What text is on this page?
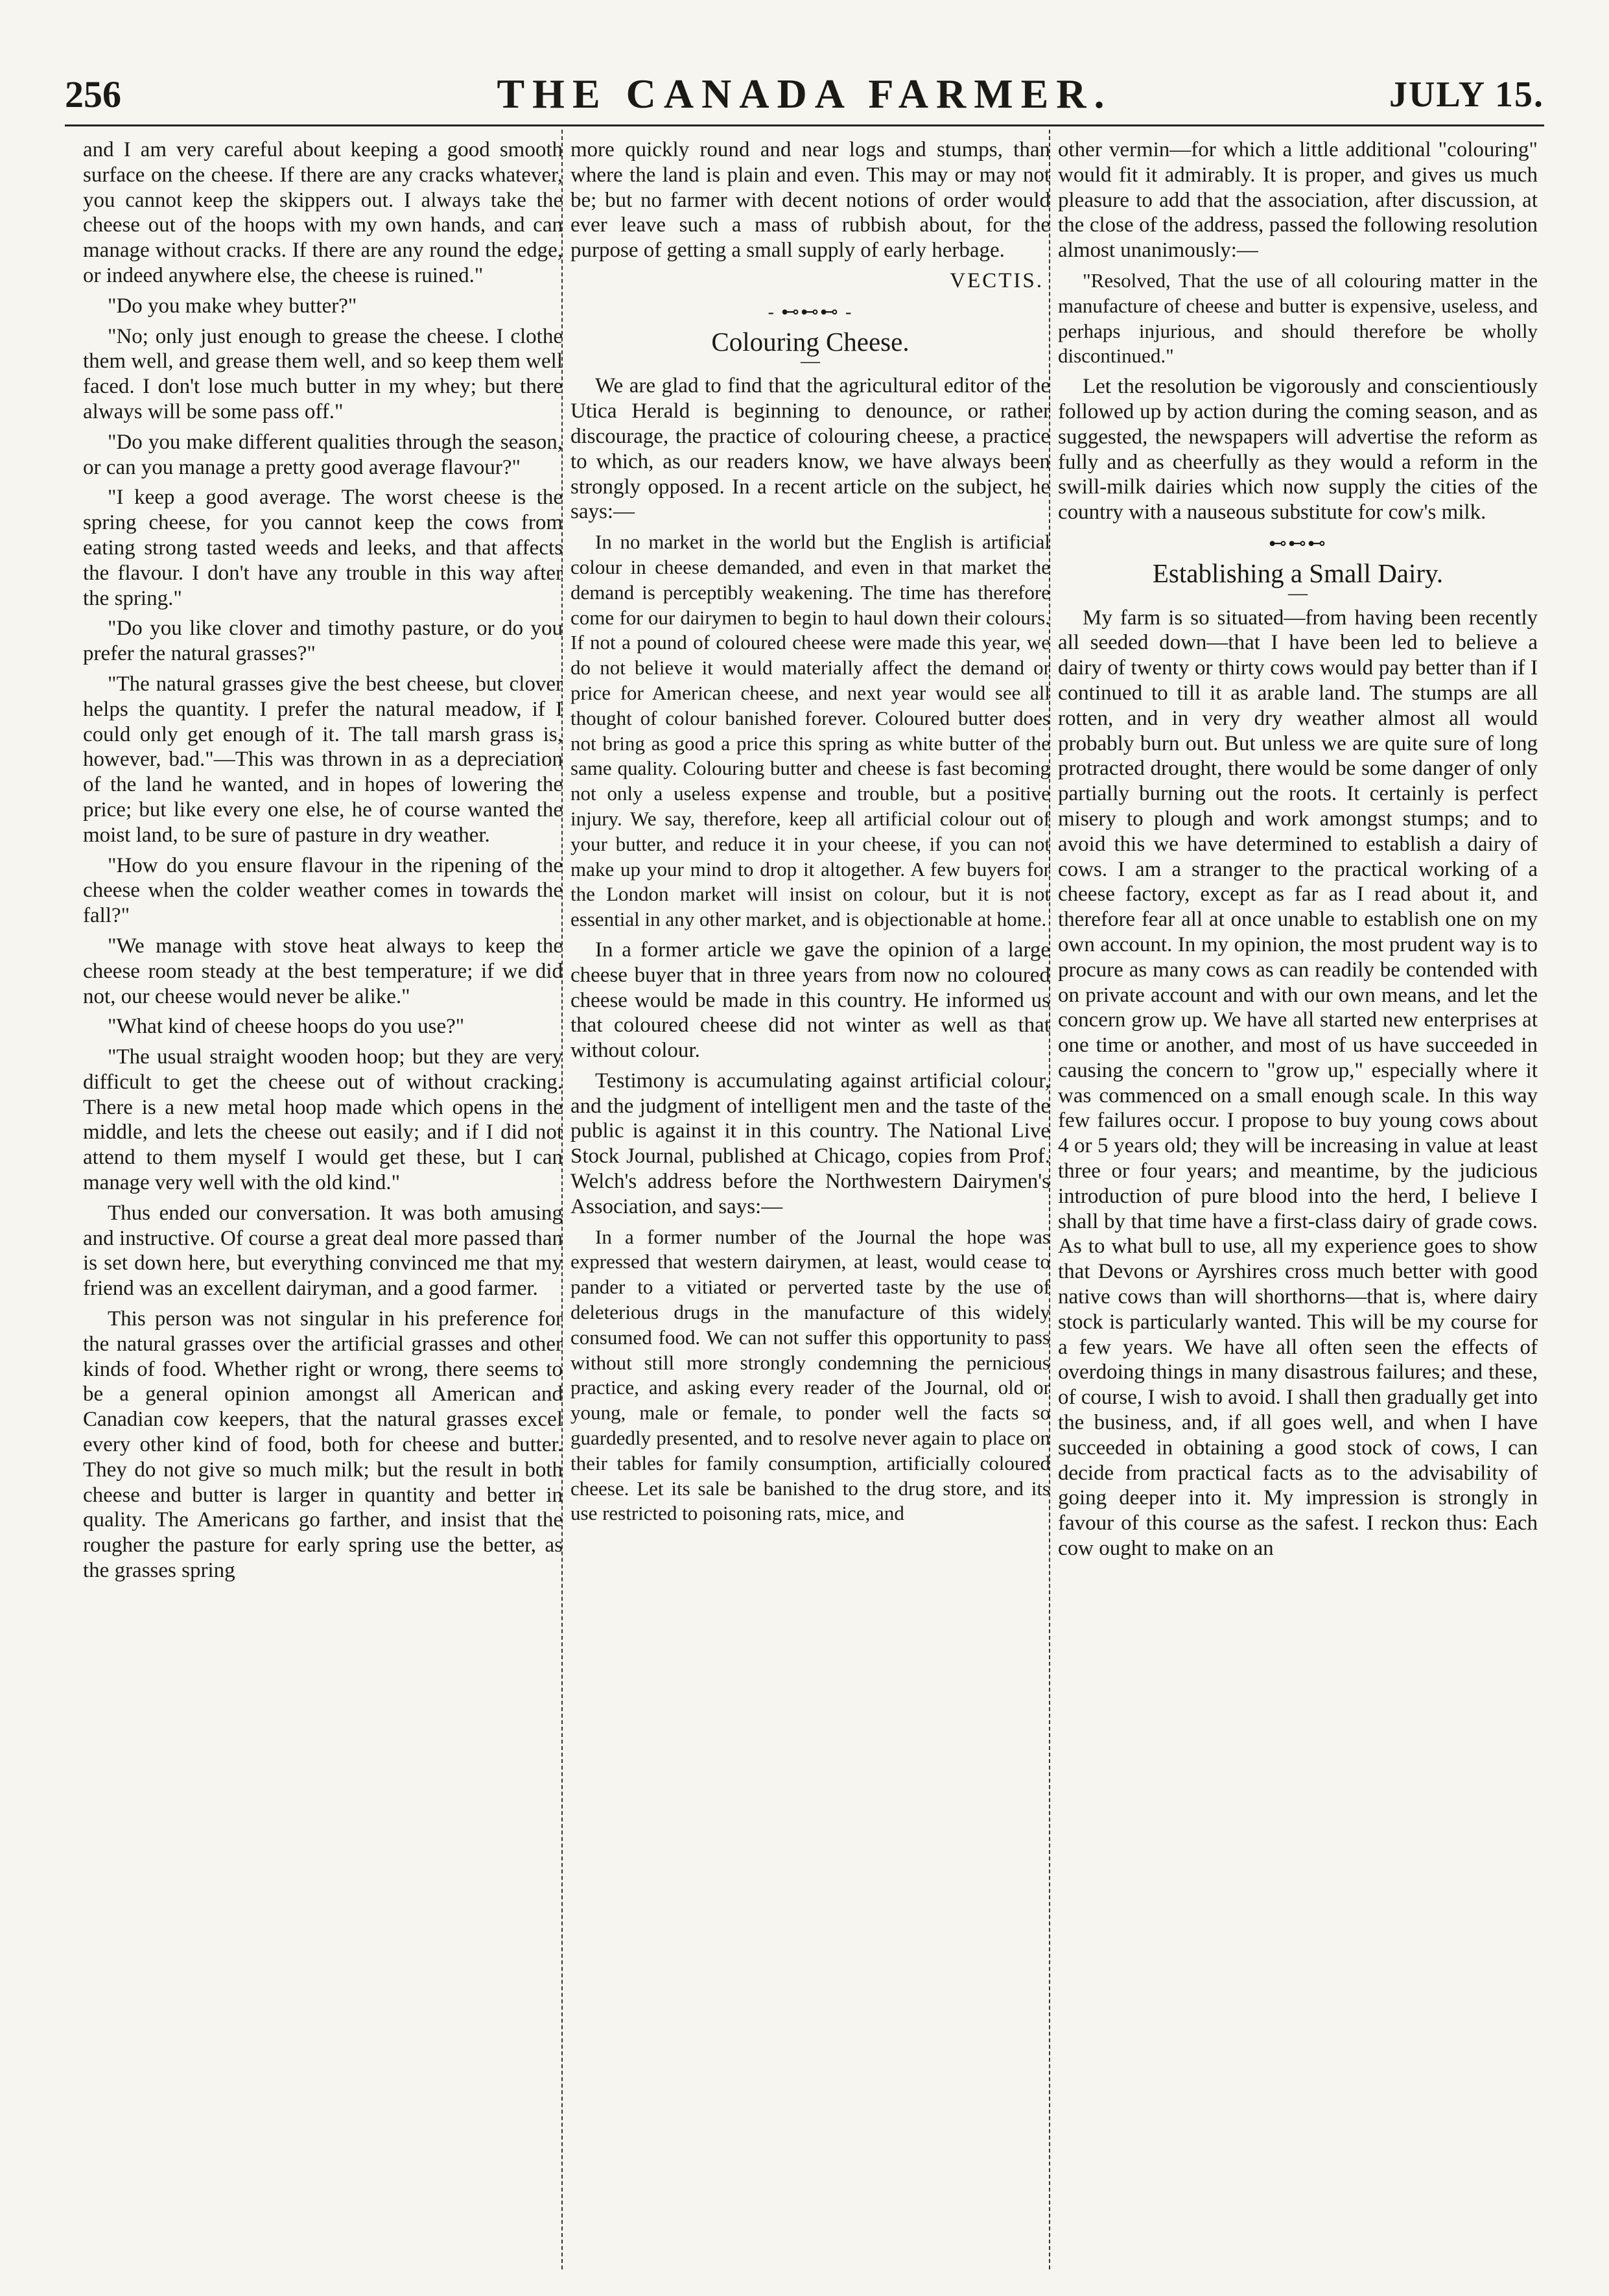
256	THE CANADA FARMER.	JULY 15.

and I am very careful about keeping a good smooth surface on the cheese. If there are any cracks whatever, you cannot keep the skippers out. I always take the cheese out of the hoops with my own hands, and can manage without cracks. If there are any round the edge, or indeed anywhere else, the cheese is ruined."

"Do you make whey butter?"

"No; only just enough to grease the cheese. I clothe them well, and grease them well, and so keep them well faced. I don't lose much butter in my whey; but there always will be some pass off."

"Do you make different qualities through the season, or can you manage a pretty good average flavour?"

"I keep a good average. The worst cheese is the spring cheese, for you cannot keep the cows from eating strong tasted weeds and leeks, and that affects the flavour. I don't have any trouble in this way after the spring."

"Do you like clover and timothy pasture, or do you prefer the natural grasses?"

"The natural grasses give the best cheese, but clover helps the quantity. I prefer the natural meadow, if I could only get enough of it. The tall marsh grass is, however, bad."—This was thrown in as a depreciation of the land he wanted, and in hopes of lowering the price; but like every one else, he of course wanted the moist land, to be sure of pasture in dry weather.

"How do you ensure flavour in the ripening of the cheese when the colder weather comes in towards the fall?"

"We manage with stove heat always to keep the cheese room steady at the best temperature; if we did not, our cheese would never be alike."

"What kind of cheese hoops do you use?"

"The usual straight wooden hoop; but they are very difficult to get the cheese out of without cracking. There is a new metal hoop made which opens in the middle, and lets the cheese out easily; and if I did not attend to them myself I would get these, but I can manage very well with the old kind."

Thus ended our conversation. It was both amusing and instructive. Of course a great deal more passed than is set down here, but everything convinced me that my friend was an excellent dairyman, and a good farmer.

This person was not singular in his preference for the natural grasses over the artificial grasses and other kinds of food. Whether right or wrong, there seems to be a general opinion amongst all American and Canadian cow keepers, that the natural grasses excel every other kind of food, both for cheese and butter. They do not give so much milk; but the result in both cheese and butter is larger in quantity and better in quality. The Americans go farther, and insist that the rougher the pasture for early spring use the better, as the grasses spring

more quickly round and near logs and stumps, than where the land is plain and even. This may or may not be; but no farmer with decent notions of order would ever leave such a mass of rubbish about, for the purpose of getting a small supply of early herbage.

VECTIS.
- ⊷⊷⊷ -
Colouring Cheese.
—

We are glad to find that the agricultural editor of the Utica Herald is beginning to denounce, or rather discourage, the practice of colouring cheese, a practice to which, as our readers know, we have always been strongly opposed. In a recent article on the subject, he says:—

In no market in the world but the English is artificial colour in cheese demanded, and even in that market the demand is perceptibly weakening. The time has therefore come for our dairymen to begin to haul down their colours. If not a pound of coloured cheese were made this year, we do not believe it would materially affect the demand or price for American cheese, and next year would see all thought of colour banished forever. Coloured butter does not bring as good a price this spring as white butter of the same quality. Colouring butter and cheese is fast becoming not only a useless expense and trouble, but a positive injury. We say, therefore, keep all artificial colour out of your butter, and reduce it in your cheese, if you can not make up your mind to drop it altogether. A few buyers for the London market will insist on colour, but it is not essential in any other market, and is objectionable at home.

In a former article we gave the opinion of a large cheese buyer that in three years from now no coloured cheese would be made in this country. He informed us that coloured cheese did not winter as well as that without colour.

Testimony is accumulating against artificial colour, and the judgment of intelligent men and the taste of the public is against it in this country. The National Live Stock Journal, published at Chicago, copies from Prof. Welch's address before the Northwestern Dairymen's Association, and says:—

In a former number of the Journal the hope was expressed that western dairymen, at least, would cease to pander to a vitiated or perverted taste by the use of deleterious drugs in the manufacture of this widely consumed food. We can not suffer this opportunity to pass without still more strongly condemning the pernicious practice, and asking every reader of the Journal, old or young, male or female, to ponder well the facts so guardedly presented, and to resolve never again to place on their tables for family consumption, artificially coloured cheese. Let its sale be banished to the drug store, and its use restricted to poisoning rats, mice, and

other vermin—for which a little additional "colouring" would fit it admirably. It is proper, and gives us much pleasure to add that the association, after discussion, at the close of the address, passed the following resolution almost unanimously:—

"Resolved, That the use of all colouring matter in the manufacture of cheese and butter is expensive, useless, and perhaps injurious, and should therefore be wholly discontinued."

Let the resolution be vigorously and conscientiously followed up by action during the coming season, and as suggested, the newspapers will advertise the reform as fully and as cheerfully as they would a reform in the swill-milk dairies which now supply the cities of the country with a nauseous substitute for cow's milk.

⊷⊷⊷
Establishing a Small Dairy.
—

My farm is so situated—from having been recently all seeded down—that I have been led to believe a dairy of twenty or thirty cows would pay better than if I continued to till it as arable land. The stumps are all rotten, and in very dry weather almost all would probably burn out. But unless we are quite sure of long protracted drought, there would be some danger of only partially burning out the roots. It certainly is perfect misery to plough and work amongst stumps; and to avoid this we have determined to establish a dairy of cows. I am a stranger to the practical working of a cheese factory, except as far as I read about it, and therefore fear all at once unable to establish one on my own account. In my opinion, the most prudent way is to procure as many cows as can readily be contended with on private account and with our own means, and let the concern grow up. We have all started new enterprises at one time or another, and most of us have succeeded in causing the concern to "grow up," especially where it was commenced on a small enough scale. In this way few failures occur. I propose to buy young cows about 4 or 5 years old; they will be increasing in value at least three or four years; and meantime, by the judicious introduction of pure blood into the herd, I believe I shall by that time have a first-class dairy of grade cows. As to what bull to use, all my experience goes to show that Devons or Ayrshires cross much better with good native cows than will shorthorns—that is, where dairy stock is particularly wanted. This will be my course for a few years. We have all often seen the effects of overdoing things in many disastrous failures; and these, of course, I wish to avoid. I shall then gradually get into the business, and, if all goes well, and when I have succeeded in obtaining a good stock of cows, I can decide from practical facts as to the advisability of going deeper into it. My impression is strongly in favour of this course as the safest. I reckon thus: Each cow ought to make on an
